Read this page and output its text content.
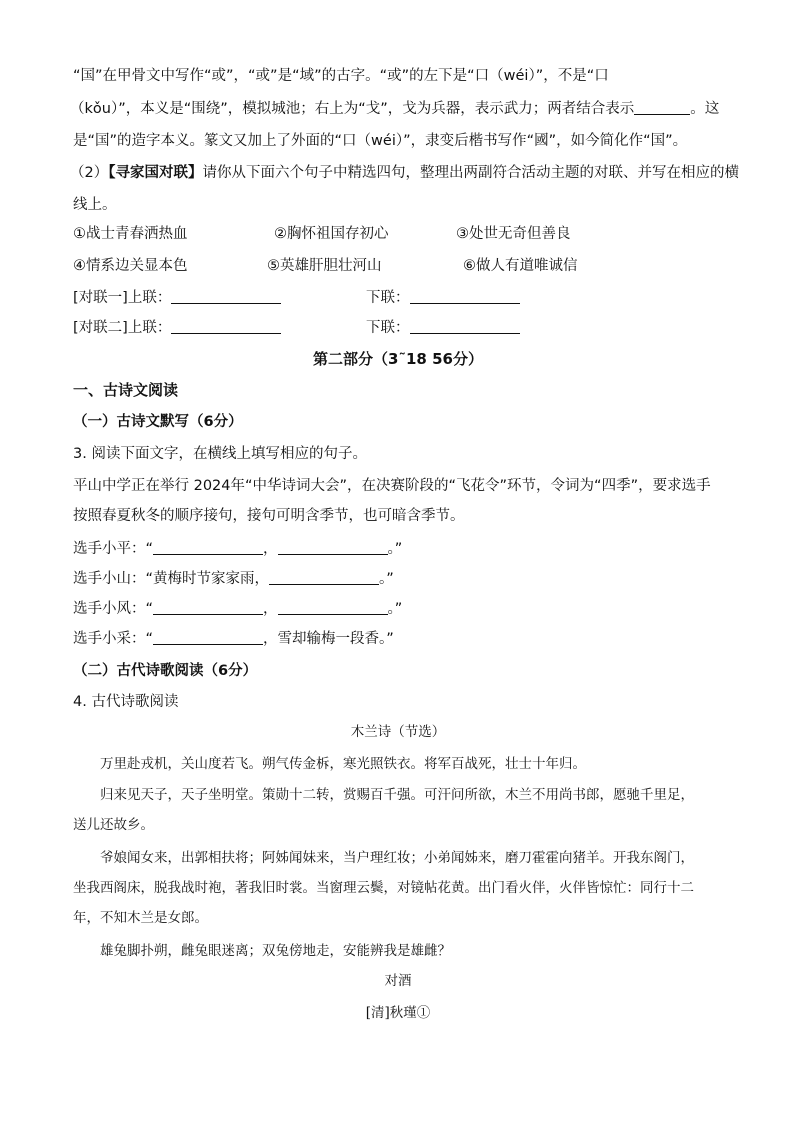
“国”在甲骨文中写作“或”，“或”是“域”的古字。“或”的左下是“口（wéi）”，不是“口
（kǒu）”，本义是“围绕”，模拟城池；右上为“戈”，戈为兵器，表示武力；两者结合表示	。这
是“国”的造字本义。篆文又加上了外面的“口（wéi）”，隶变后楷书写作“國”，如今简化作“国”。
（2）【寻家国对联】请你从下面六个句子中精选四句，整理出两副符合活动主题的对联、并写在相应的横
线上。
①战士青春洒热血	②胸怀祖国存初心	③处世无奇但善良
④情系边关显本色	⑤英雄肝胆壮河山	⑥做人有道唯诚信
[对联一]上联：	下联：
[对联二]上联：	下联：
第二部分（3˜18 56分）
一、古诗文阅读
（一）古诗文默写（6分）
3. 阅读下面文字，在横线上填写相应的句子。
平山中学正在举行 2024年“中华诗词大会”，在决赛阶段的“飞花令”环节，令词为“四季”，要求选手
按照春夏秋冬的顺序接句，接句可明含季节，也可暗含季节。
选手小平：“	，	。”
选手小山：“黄梅时节家家雨，	。”
选手小风：“	，	。”
选手小采：“	，雪却输梅一段香。”
（二）古代诗歌阅读（6分）
4. 古代诗歌阅读
木兰诗（节选）
万里赴戎机，关山度若飞。朔气传金柝，寒光照铁衣。将军百战死，壮士十年归。
归来见天子，天子坐明堂。策勋十二转，赏赐百千强。可汗问所欲，木兰不用尚书郎，愿驰千里足，
送儿还故乡。
爷娘闻女来，出郭相扶将；阿姊闻妹来，当户理红妆；小弟闻姊来，磨刀霍霍向猪羊。开我东阁门，
坐我西阁床，脱我战时袍，著我旧时裳。当窗理云鬓，对镜帖花黄。出门看火伴，火伴皆惊忙：同行十二
年，不知木兰是女郎。
雄兔脚扑朔，雌兔眼迷离；双兔傍地走，安能辨我是雄雌？
对酒
[清]秋瑾①
